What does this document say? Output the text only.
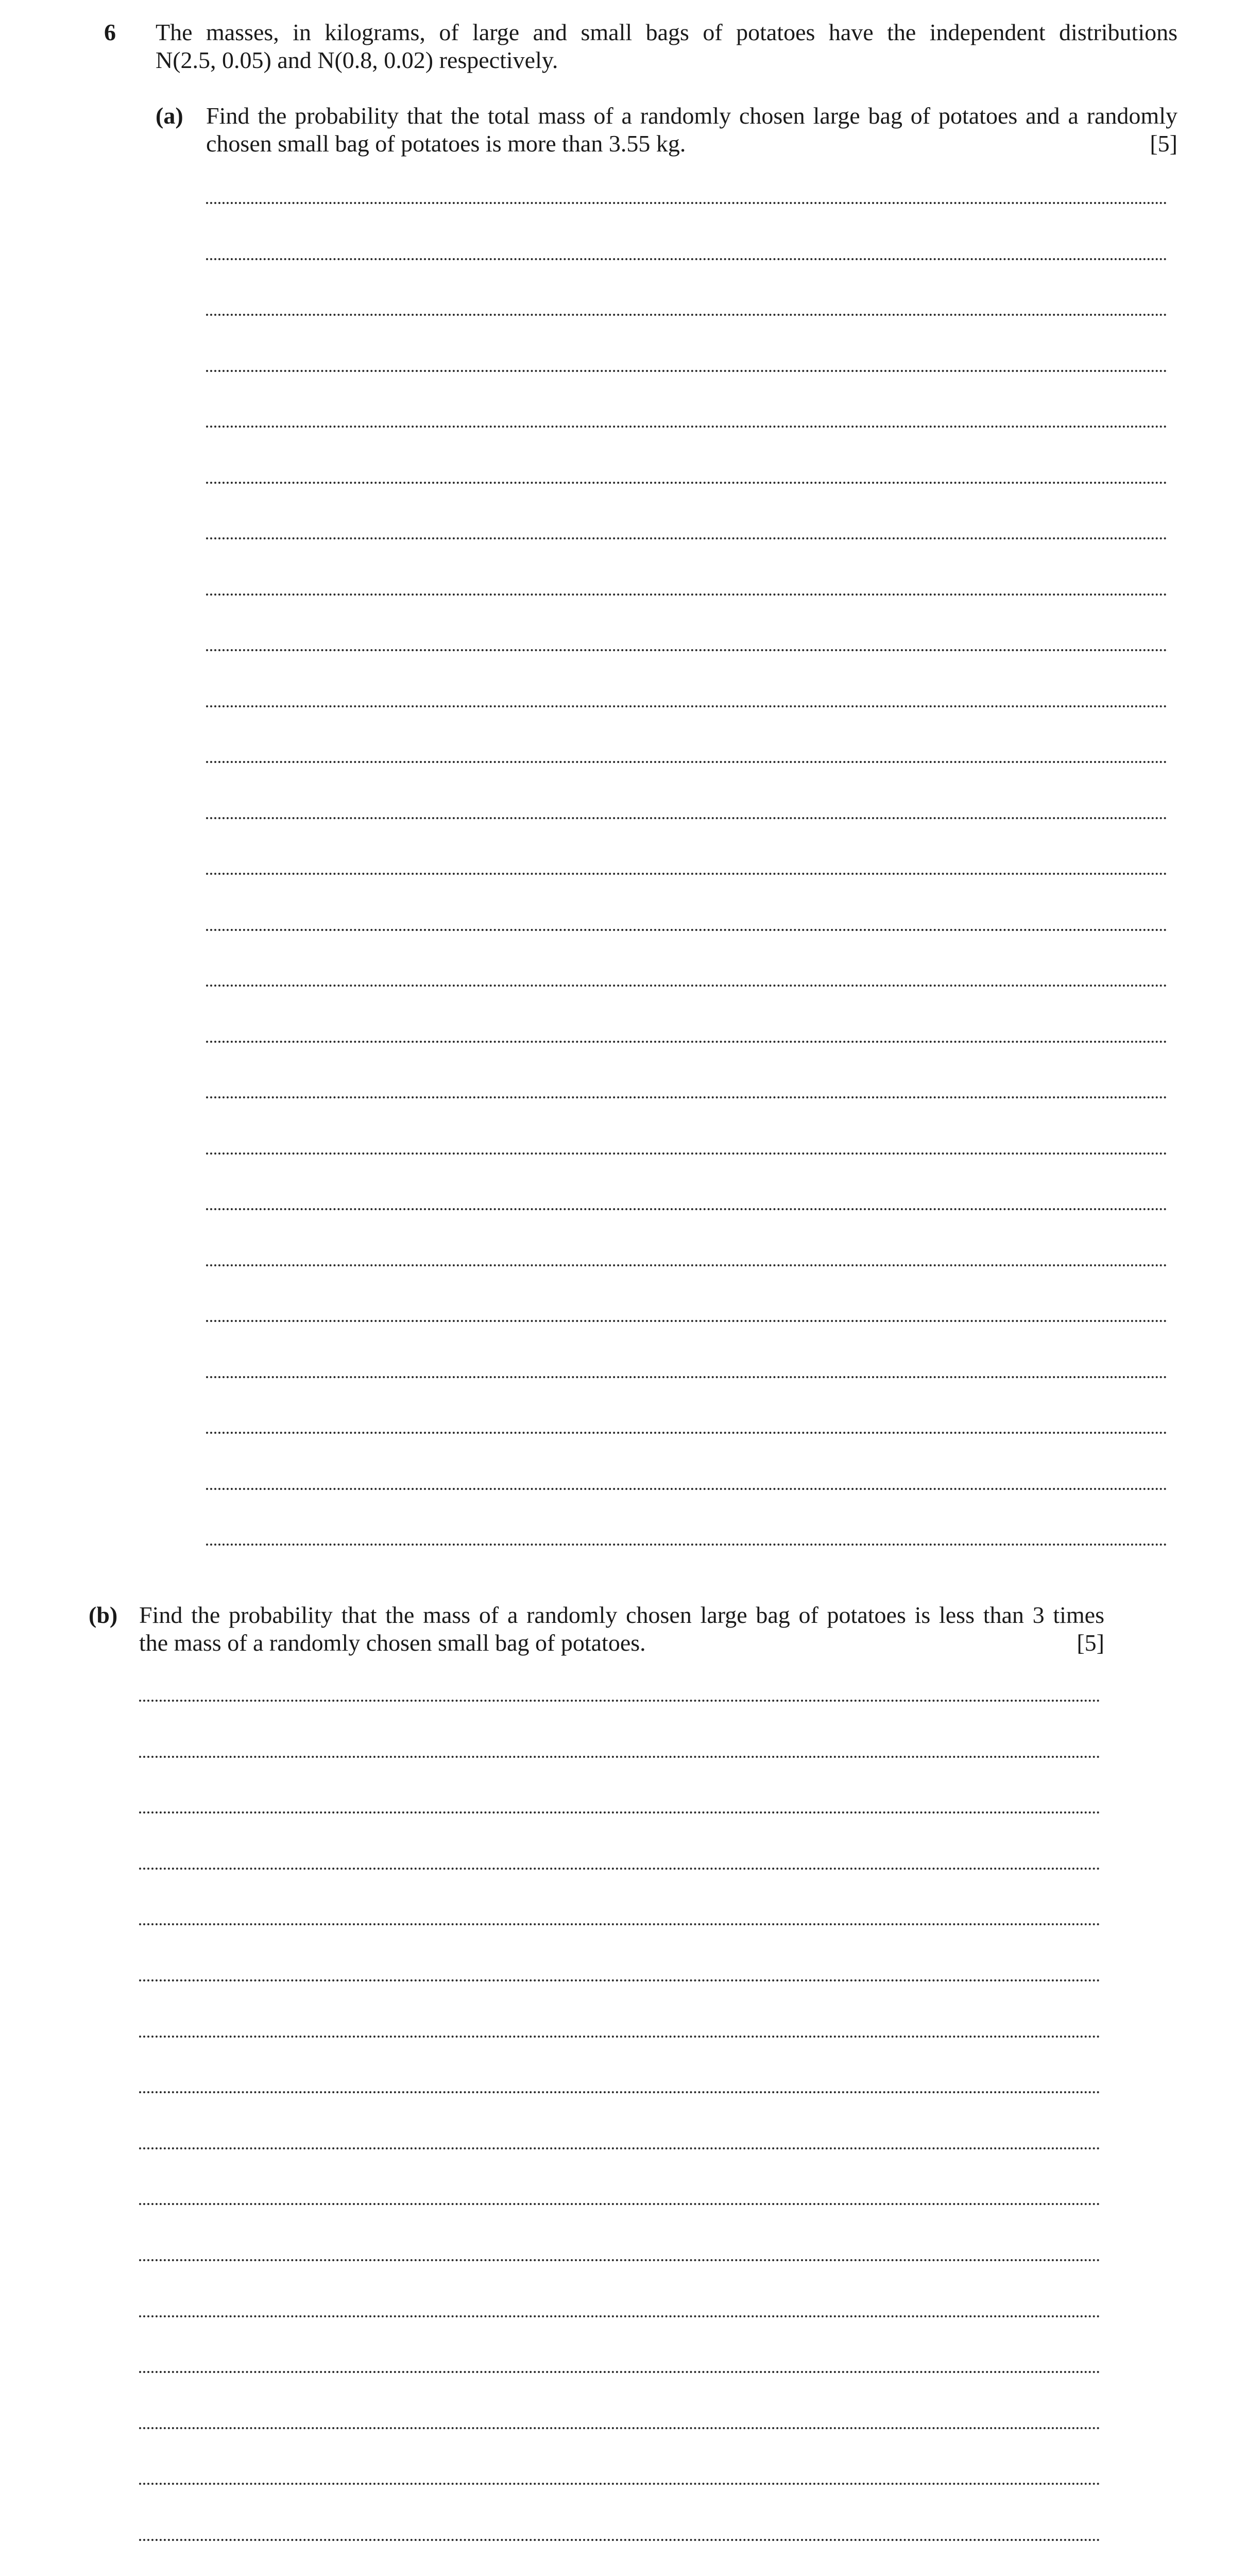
6 The masses, in kilograms, of large and small bags of potatoes have the independent distributions
N(2.5, 0.05) and N(0.8, 0.02) respectively.
(a) Find the probability that the total mass of a randomly chosen large bag of potatoes and a randomly
chosen small bag of potatoes is more than 3.55 kg.	[5]
(b) Find the probability that the mass of a randomly chosen large bag of potatoes is less than 3 times
the mass of a randomly chosen small bag of potatoes.	[5]
